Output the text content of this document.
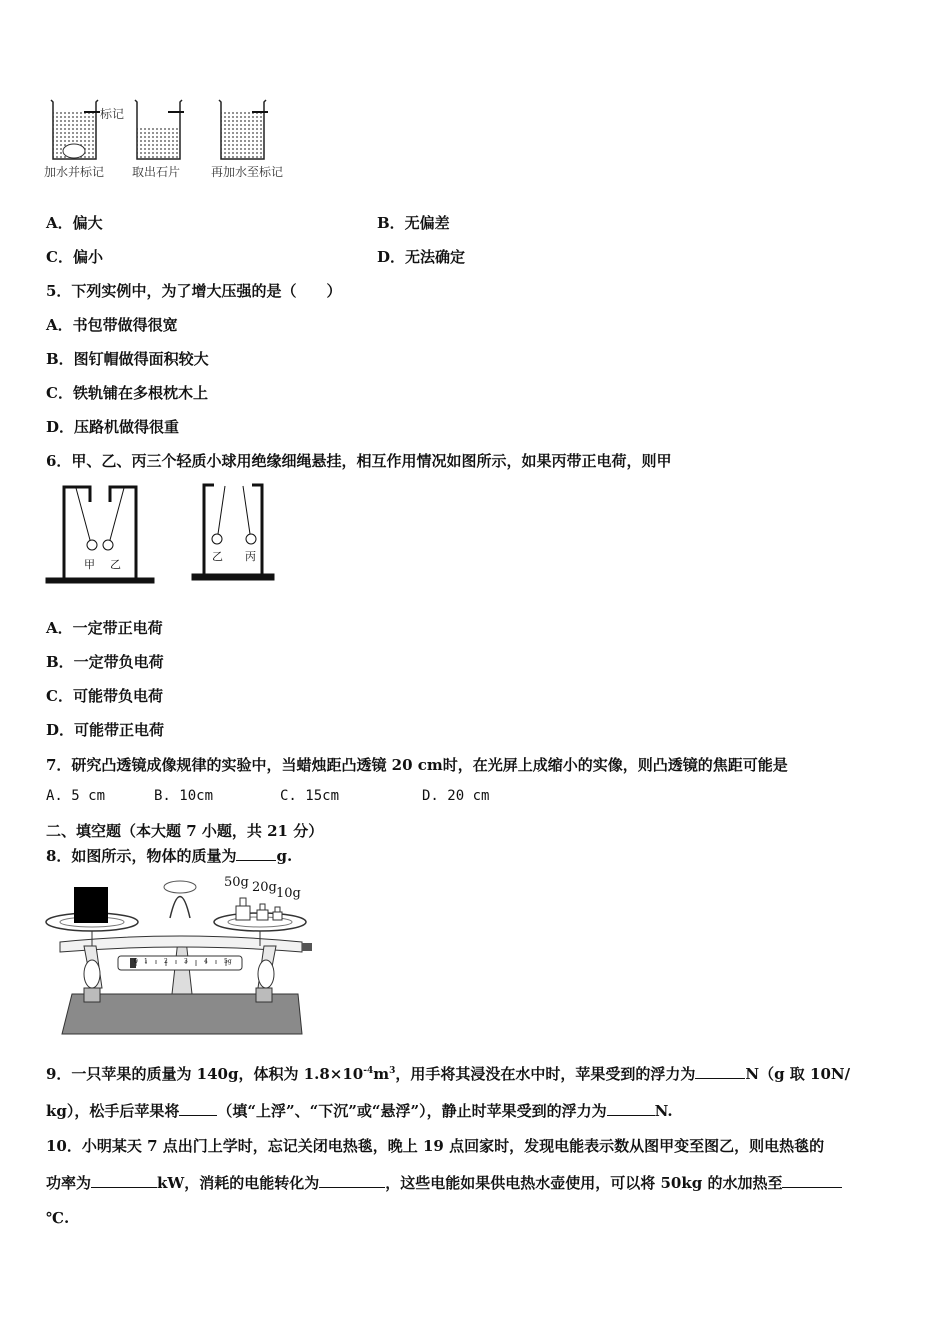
标记
加水并标记 取出石片	再加水至标记
A．偏大	B．无偏差
C．偏小	D．无法确定
5．下列实例中，为了增大压强的是（　　）
A．书包带做得很宽
B．图钉帽做得面积较大
C．铁轨铺在多根枕木上
D．压路机做得很重
6．甲、乙、丙三个轻质小球用绝缘细绳悬挂，相互作用情况如图所示，如果丙带正电荷，则甲
甲 乙
乙 丙
A．一定带正电荷
B．一定带负电荷
C．可能带负电荷
D．可能带正电荷
7．研究凸透镜成像规律的实验中，当蜡烛距凸透镜 20 cm时，在光屏上成缩小的实像，则凸透镜的焦距可能是
A. 5 cm	B. 10cm	C. 15cm	D. 20 cm
二、填空题（本大题 7 小题，共 21 分）
8．如图所示，物体的质量为	g.
50g 20g 10g
0 1	2	3	4	5g
9．一只苹果的质量为 140g，体积为 $1.8\times 10^{-4}m^3$，用手将其浸没在水中时，苹果受到的浮力为	N（g 取 10N/
kg），松手后苹果将	（填“上浮”、“下沉”或“悬浮”），静止时苹果受到的浮力为	N.
10．小明某天 7 点出门上学时，忘记关闭电热毯，晚上 19 点回家时，发现电能表示数从图甲变至图乙，则电热毯的
功率为	kW，消耗的电能转化为	，这些电能如果供电热水壶使用，可以将 50kg 的水加热至
℃.
